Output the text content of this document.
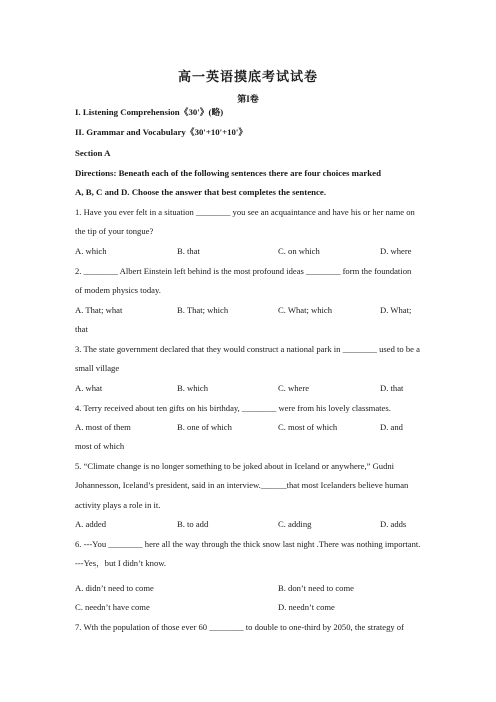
高一英语摸底考试试卷
第I卷
I. Listening Comprehension《30'》(略)
II. Grammar and Vocabulary《30'+10'+10'》
Section A
Directions: Beneath each of the following sentences there are four choices marked
A, B, C and D. Choose the answer that best completes the sentence.
1. Have you ever felt in a situation ________ you see an acquaintance and have his or her name on
the tip of your tongue?
A. which	B. that	C. on which	D. where
2. ________ Albert Einstein left behind is the most profound ideas ________ form the foundation
of modem physics today.
A. That; what	B. That; which	C. What; which	D. What;
that
3. The state government declared that they would construct a national park in ________ used to be a
small village
A. what	B. which	C. where	D. that
4. Terry received about ten gifts on his birthday, ________ were from his lovely classmates.
A. most of them	B. one of which	C. most of which	D. and
most of which
5. “Climate change is no longer something to be joked about in Iceland or anywhere,” Gudni
Johannesson, Iceland’s president, said in an interview.______that most Icelanders believe human
activity plays a role in it.
A. added	B. to add	C. adding	D. adds
6. ---You ________ here all the way through the thick snow last night .There was nothing important.
---Yes，but I didn’t know.
'
A. didn’t need to come	B. don’t need to come
C. needn’t have come	D. needn’t come
7. Wth the population of those ever 60 ________ to double to one-third by 2050, the strategy of
